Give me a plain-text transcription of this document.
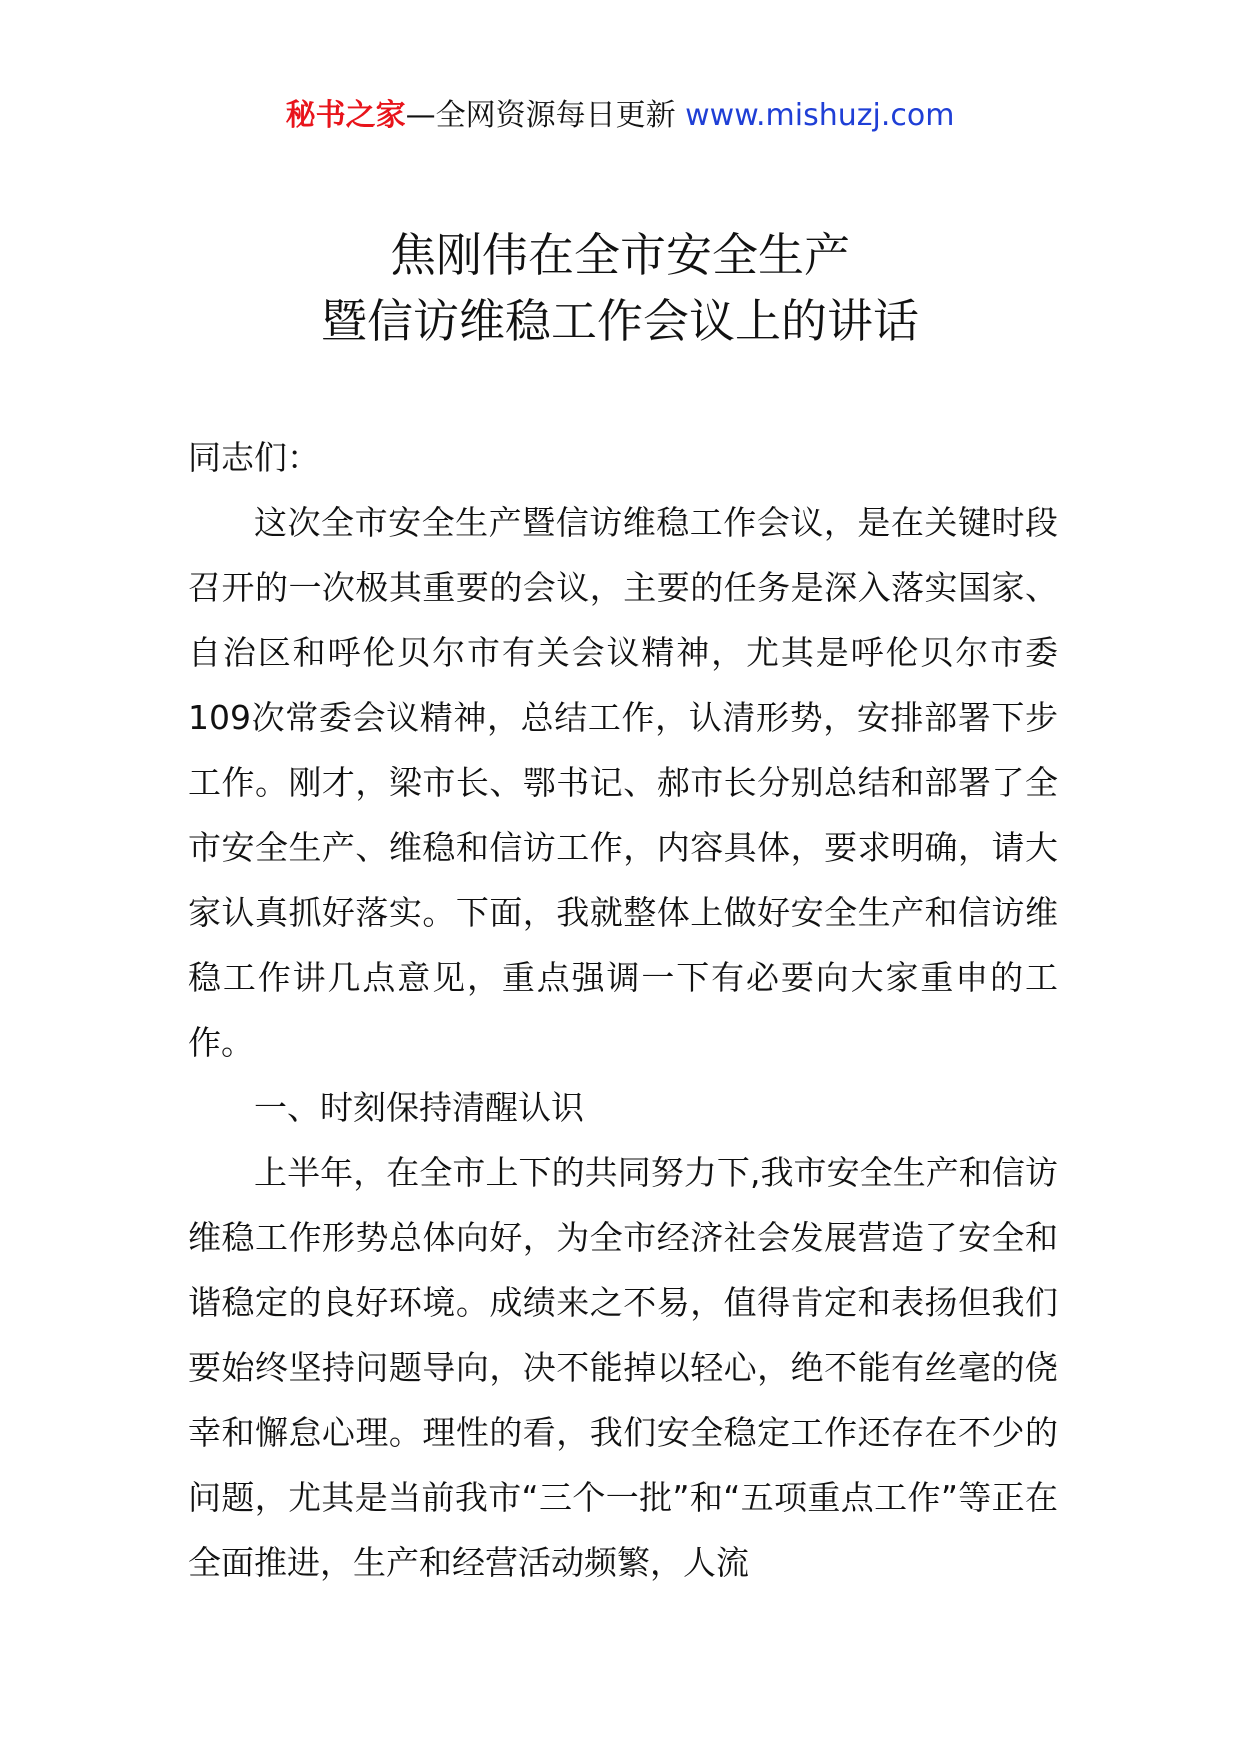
秘书之家—全网资源每日更新 www.mishuzj.com
焦刚伟在全市安全生产
暨信访维稳工作会议上的讲话

同志们：

这次全市安全生产暨信访维稳工作会议，是在关键时段召开的一次极其重要的会议，主要的任务是深入落实国家、自治区和呼伦贝尔市有关会议精神，尤其是呼伦贝尔市委109次常委会议精神，总结工作，认清形势，安排部署下步工作。刚才，梁市长、鄂书记、郝市长分别总结和部署了全市安全生产、维稳和信访工作，内容具体，要求明确，请大家认真抓好落实。下面，我就整体上做好安全生产和信访维稳工作讲几点意见，重点强调一下有必要向大家重申的工作。

一、时刻保持清醒认识

上半年，在全市上下的共同努力下,我市安全生产和信访维稳工作形势总体向好，为全市经济社会发展营造了安全和谐稳定的良好环境。成绩来之不易，值得肯定和表扬但我们要始终坚持问题导向，决不能掉以轻心，绝不能有丝毫的侥幸和懈怠心理。理性的看，我们安全稳定工作还存在不少的问题，尤其是当前我市“三个一批”和“五项重点工作”等正在全面推进，生产和经营活动频繁，人流
